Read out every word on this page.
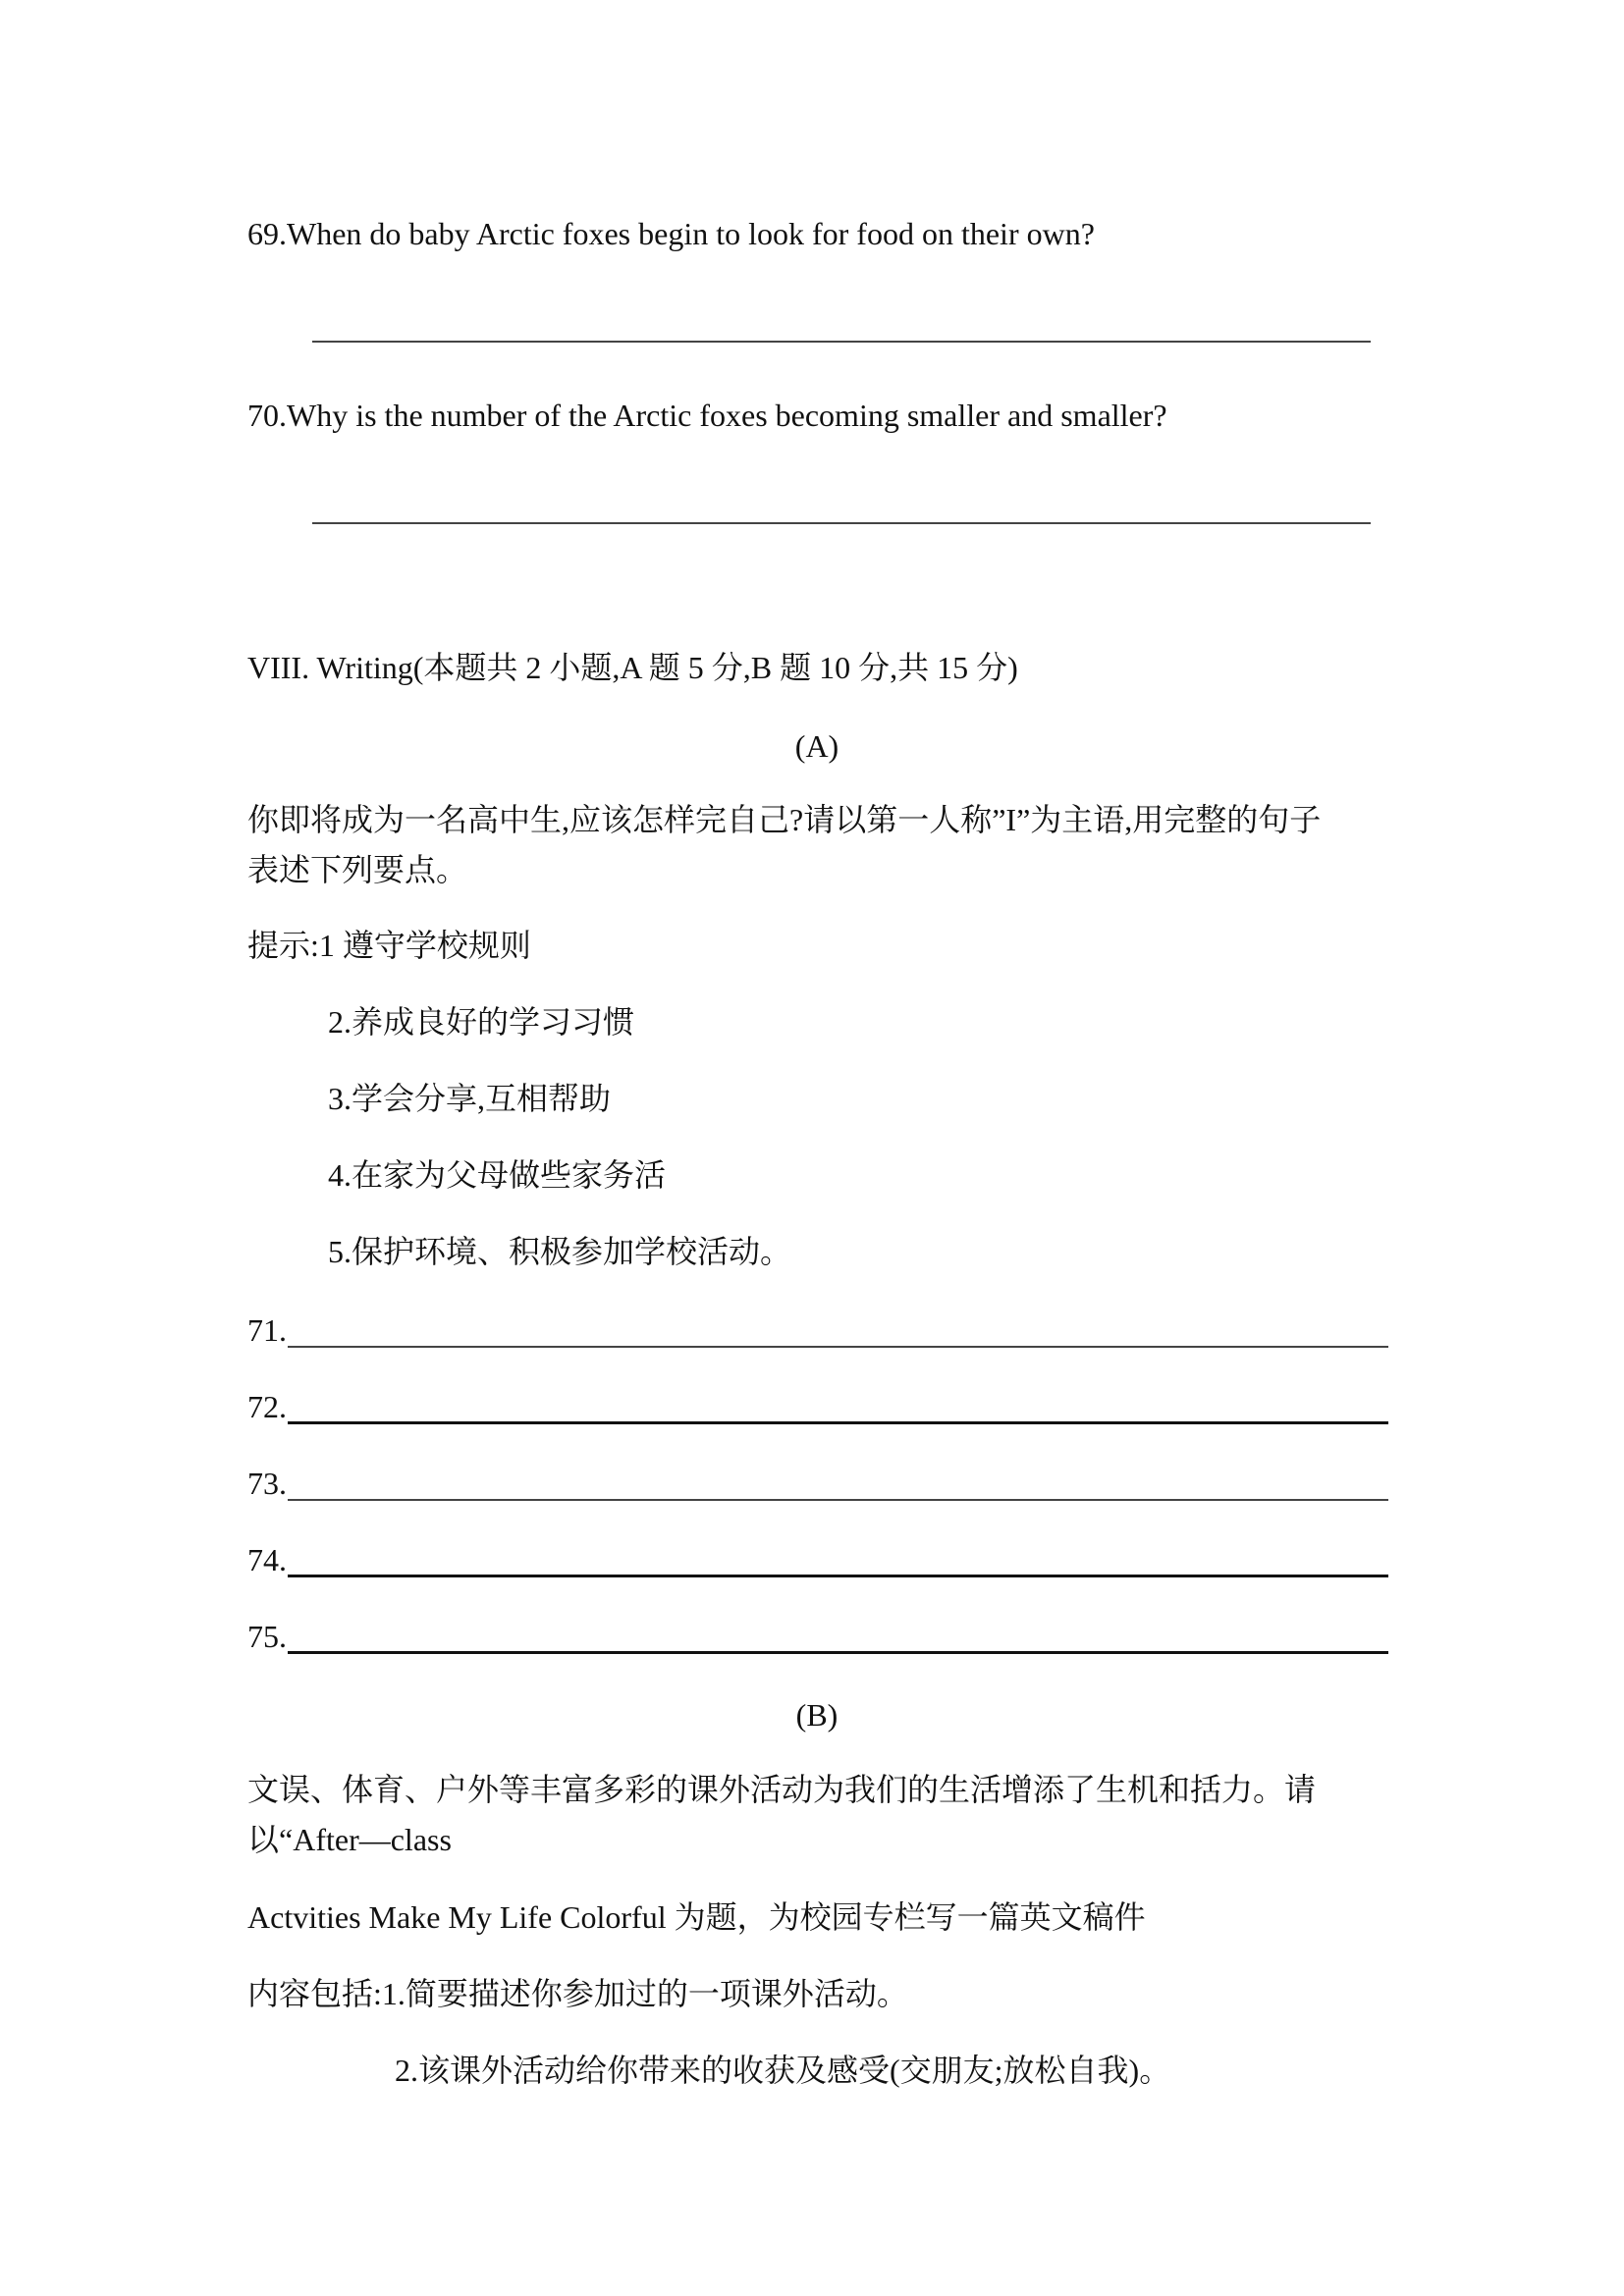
69.When do baby Arctic foxes begin to look for food on their own?
70.Why is the number of the Arctic foxes becoming smaller and smaller?
VIII. Writing(本题共 2 小题,A 题 5 分,B 题 10 分,共 15 分)
(A)
你即将成为一名高中生,应该怎样完自己?请以第一人称”I”为主语,用完整的句子
表述下列要点。
提示:1 遵守学校规则
2.养成良好的学习习惯
3.学会分享,互相帮助
4.在家为父母做些家务活
5.保护环境、积极参加学校活动。
71.
72.
73.
74.
75.
(B)
文误、体育、户外等丰富多彩的课外活动为我们的生活增添了生机和括力。请
以“After—class
Actvities Make My Life Colorful 为题，为校园专栏写一篇英文稿件
内容包括:1.简要描述你参加过的一项课外活动。
2.该课外活动给你带来的收获及感受(交朋友;放松自我)。
